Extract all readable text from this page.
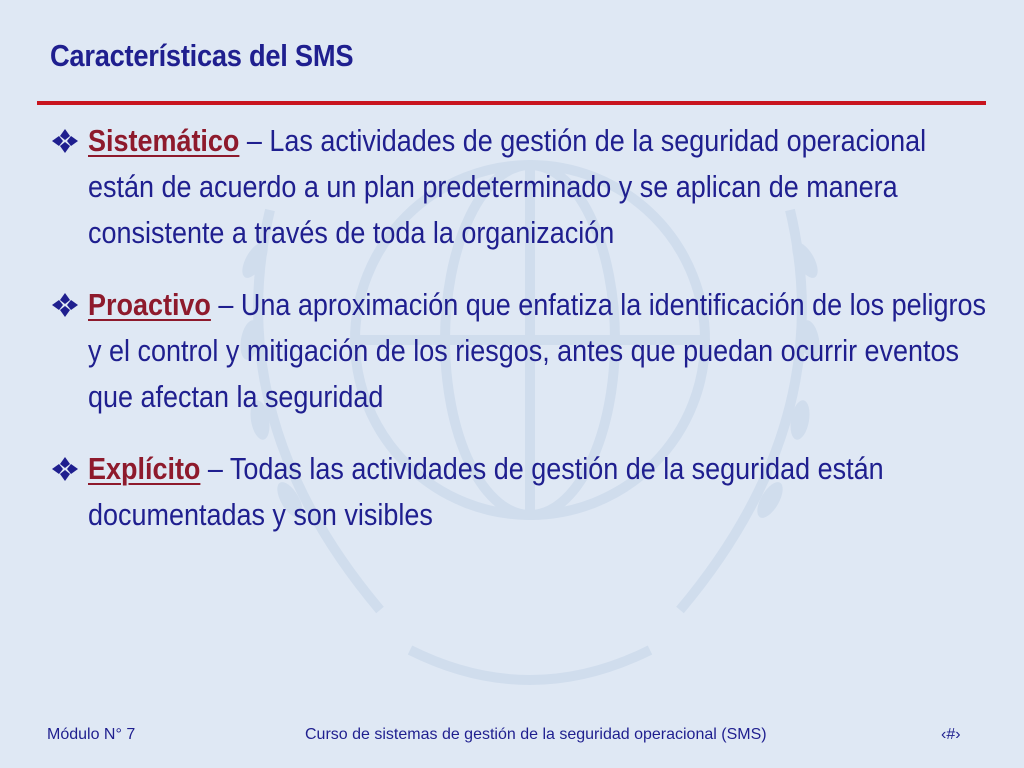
Características del SMS
Sistemático – Las actividades de gestión de la seguridad operacional están de acuerdo a un plan predeterminado y se aplican de manera consistente a través de toda la organización
Proactivo – Una aproximación que enfatiza la identificación de los peligros y el control y mitigación de los riesgos, antes que puedan ocurrir eventos que afectan la seguridad
Explícito – Todas las actividades de gestión de la seguridad están documentadas y son visibles
Módulo N° 7	Curso de sistemas de gestión de la seguridad operacional (SMS)	‹#›
